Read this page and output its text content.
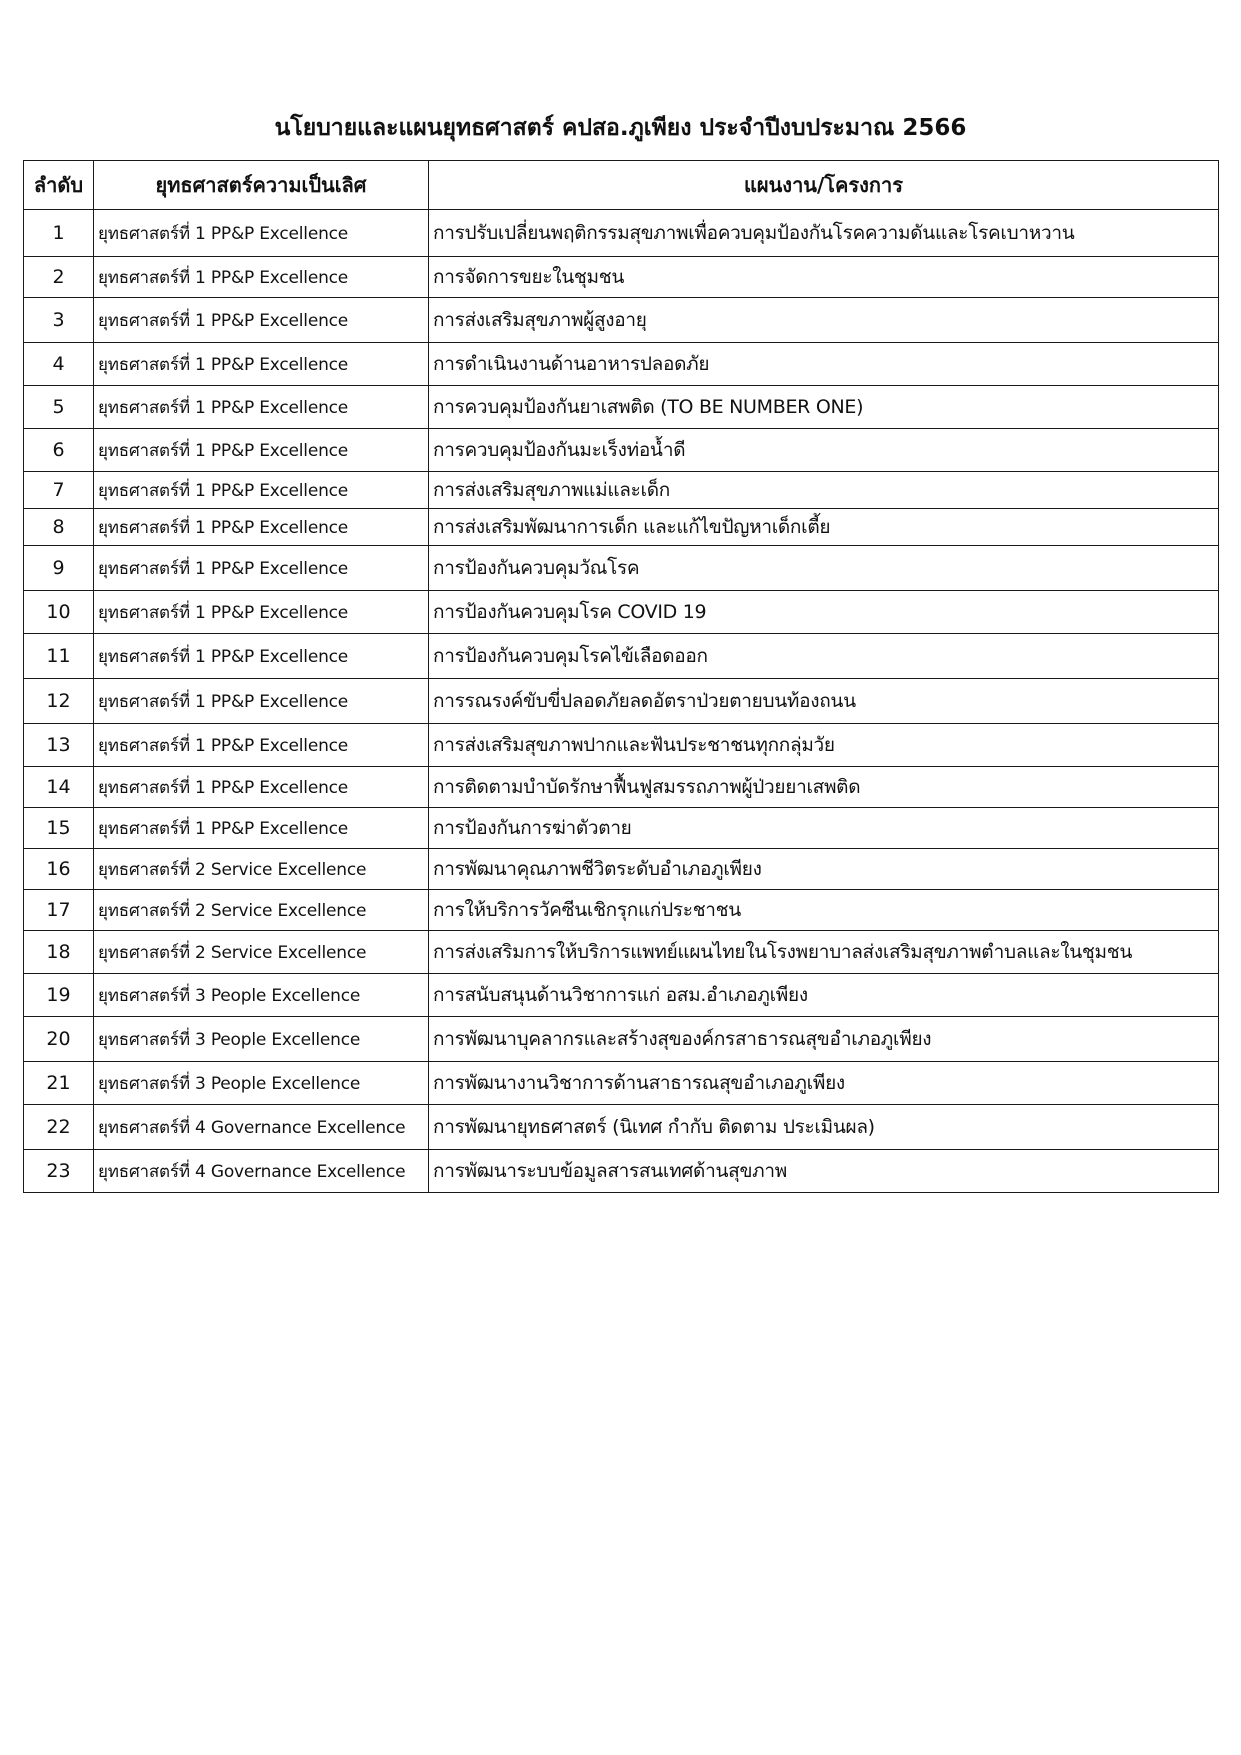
นโยบายและแผนยุทธศาสตร์ คปสอ.ภูเพียง ประจำปีงบประมาณ 2566
ลำดับ	ยุทธศาสตร์ความเป็นเลิศ	แผนงาน/โครงการ
1	ยุทธศาสตร์ที่ 1 PP&P Excellence	การปรับเปลี่ยนพฤติกรรมสุขภาพเพื่อควบคุมป้องกันโรคความดันและโรคเบาหวาน
2	ยุทธศาสตร์ที่ 1 PP&P Excellence	การจัดการขยะในชุมชน
3	ยุทธศาสตร์ที่ 1 PP&P Excellence	การส่งเสริมสุขภาพผู้สูงอายุ
4	ยุทธศาสตร์ที่ 1 PP&P Excellence	การดำเนินงานด้านอาหารปลอดภัย
5	ยุทธศาสตร์ที่ 1 PP&P Excellence	การควบคุมป้องกันยาเสพติด (TO BE NUMBER ONE)
6	ยุทธศาสตร์ที่ 1 PP&P Excellence	การควบคุมป้องกันมะเร็งท่อน้ำดี
7	ยุทธศาสตร์ที่ 1 PP&P Excellence	การส่งเสริมสุขภาพแม่และเด็ก
8	ยุทธศาสตร์ที่ 1 PP&P Excellence	การส่งเสริมพัฒนาการเด็ก และแก้ไขปัญหาเด็กเตี้ย
9	ยุทธศาสตร์ที่ 1 PP&P Excellence	การป้องกันควบคุมวัณโรค
10	ยุทธศาสตร์ที่ 1 PP&P Excellence	การป้องกันควบคุมโรค COVID 19
11	ยุทธศาสตร์ที่ 1 PP&P Excellence	การป้องกันควบคุมโรคไข้เลือดออก
12	ยุทธศาสตร์ที่ 1 PP&P Excellence	การรณรงค์ขับขี่ปลอดภัยลดอัตราป่วยตายบนท้องถนน
13	ยุทธศาสตร์ที่ 1 PP&P Excellence	การส่งเสริมสุขภาพปากและฟันประชาชนทุกกลุ่มวัย
14	ยุทธศาสตร์ที่ 1 PP&P Excellence	การติดตามบำบัดรักษาฟื้นฟูสมรรถภาพผู้ป่วยยาเสพติด
15	ยุทธศาสตร์ที่ 1 PP&P Excellence	การป้องกันการฆ่าตัวตาย
16	ยุทธศาสตร์ที่ 2 Service Excellence	การพัฒนาคุณภาพชีวิตระดับอำเภอภูเพียง
17	ยุทธศาสตร์ที่ 2 Service Excellence	การให้บริการวัคซีนเชิกรุกแก่ประชาชน
18	ยุทธศาสตร์ที่ 2 Service Excellence	การส่งเสริมการให้บริการแพทย์แผนไทยในโรงพยาบาลส่งเสริมสุขภาพตำบลและในชุมชน
19	ยุทธศาสตร์ที่ 3 People Excellence	การสนับสนุนด้านวิชาการแก่ อสม.อำเภอภูเพียง
20	ยุทธศาสตร์ที่ 3 People Excellence	การพัฒนาบุคลากรและสร้างสุของค์กรสาธารณสุขอำเภอภูเพียง
21	ยุทธศาสตร์ที่ 3 People Excellence	การพัฒนางานวิชาการด้านสาธารณสุขอำเภอภูเพียง
22	ยุทธศาสตร์ที่ 4 Governance Excellence	การพัฒนายุทธศาสตร์ (นิเทศ กำกับ ติดตาม ประเมินผล)
23	ยุทธศาสตร์ที่ 4 Governance Excellence	การพัฒนาระบบข้อมูลสารสนเทศด้านสุขภาพ
